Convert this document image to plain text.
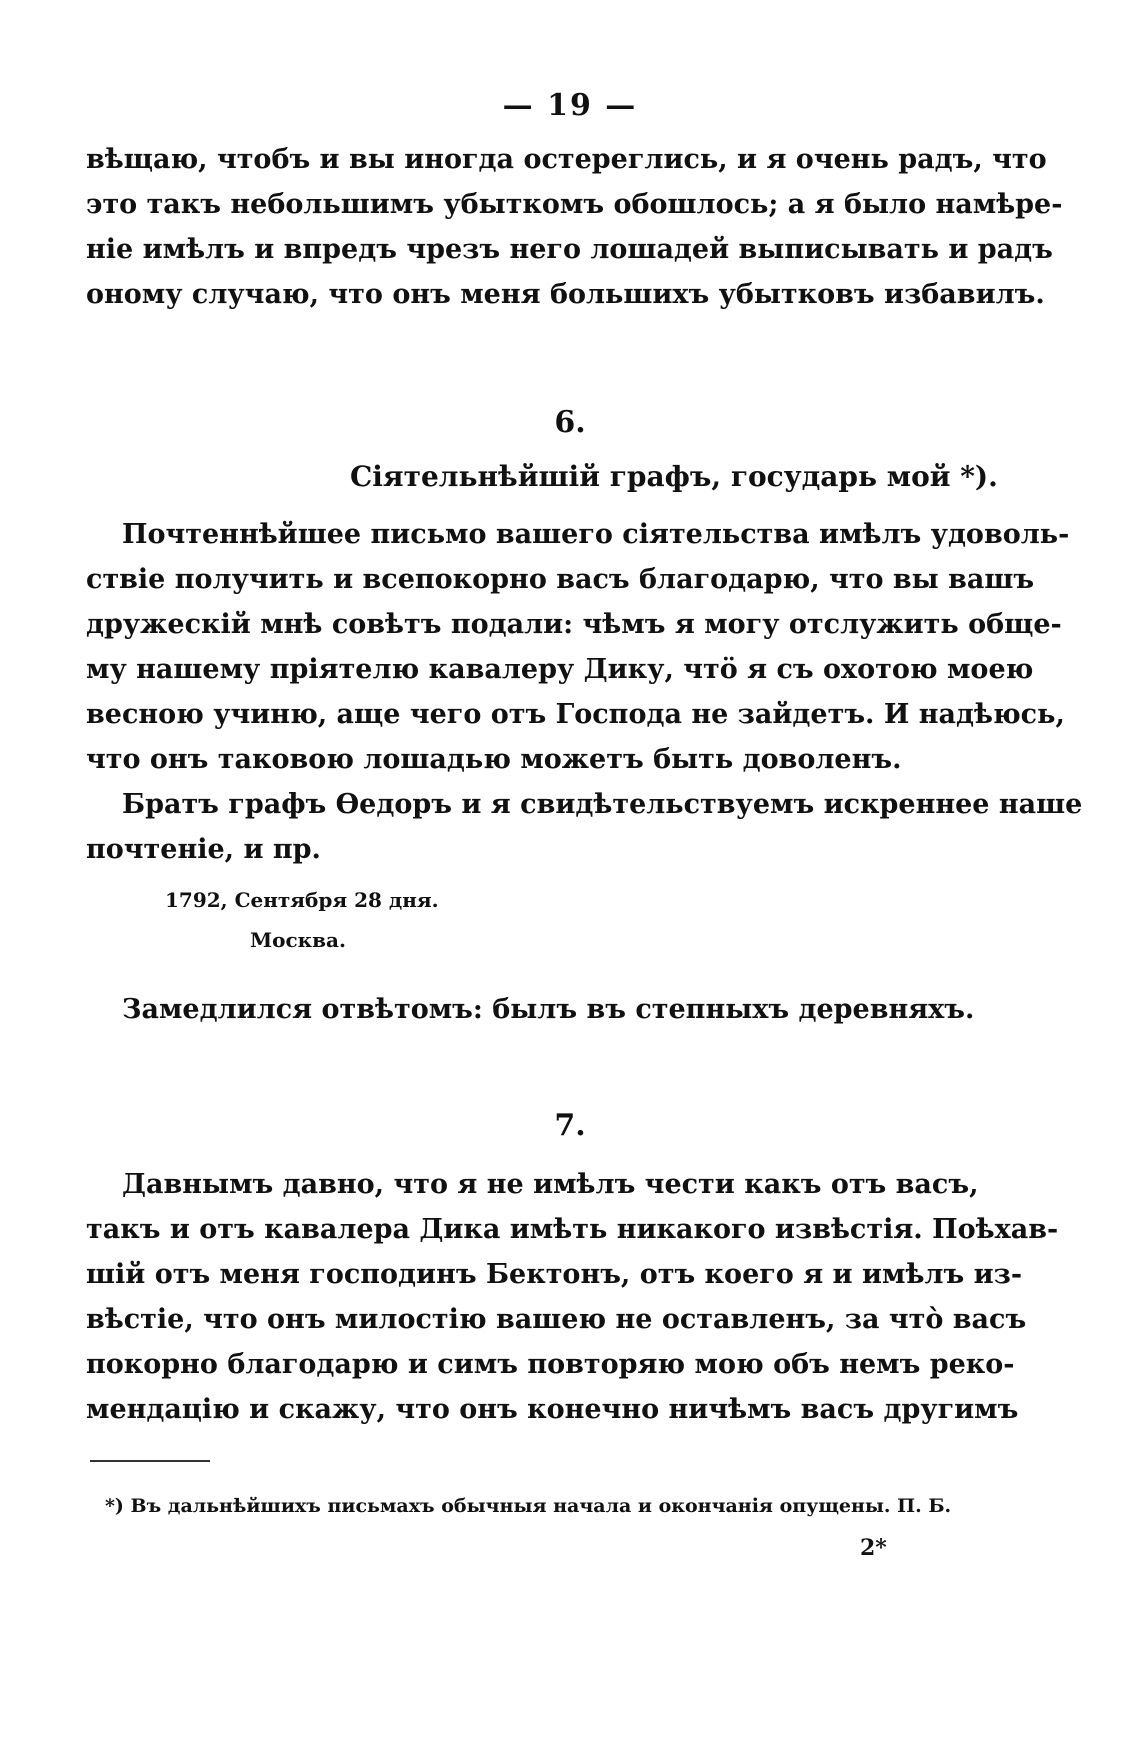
— 19 —
вѣщаю, чтобъ и вы иногда остереглись, и я очень радъ, что
это такъ небольшимъ убыткомъ обошлось; а я было намѣре-
ніе имѣлъ и впредъ чрезъ него лошадей выписывать и радъ
оному случаю, что онъ меня большихъ убытковъ избавилъ.
6.
Сіятельнѣйшій графъ, государь мой *).
Почтеннѣйшее письмо вашего сіятельства имѣлъ удоволь-
ствіе получить и всепокорно васъ благодарю, что вы вашъ
дружескій мнѣ совѣтъ подали: чѣмъ я могу отслужить обще-
му нашему пріятелю кавалеру Дику, чтö я съ охотою моею
весною учиню, аще чего отъ Господа не зайдетъ. И надѣюсь,
что онъ таковою лошадью можетъ быть доволенъ.
Братъ графъ Ѳедоръ и я свидѣтельствуемъ искреннее наше
почтеніе, и пр.
1792, Сентября 28 дня.
Москва.
Замедлился отвѣтомъ: былъ въ степныхъ деревняхъ.
7.
Давнымъ давно, что я не имѣлъ чести какъ отъ васъ,
такъ и отъ кавалера Дика имѣть никакого извѣстія. Поѣхав-
шій отъ меня господинъ Бектонъ, отъ коего я и имѣлъ из-
вѣстіе, что онъ милостію вашею не оставленъ, за чтò васъ
покорно благодарю и симъ повторяю мою объ немъ реко-
мендацію и скажу, что онъ конечно ничѣмъ васъ другимъ
*) Въ дальнѣйшихъ письмахъ обычныя начала и окончанія опущены. П. Б.
2*
